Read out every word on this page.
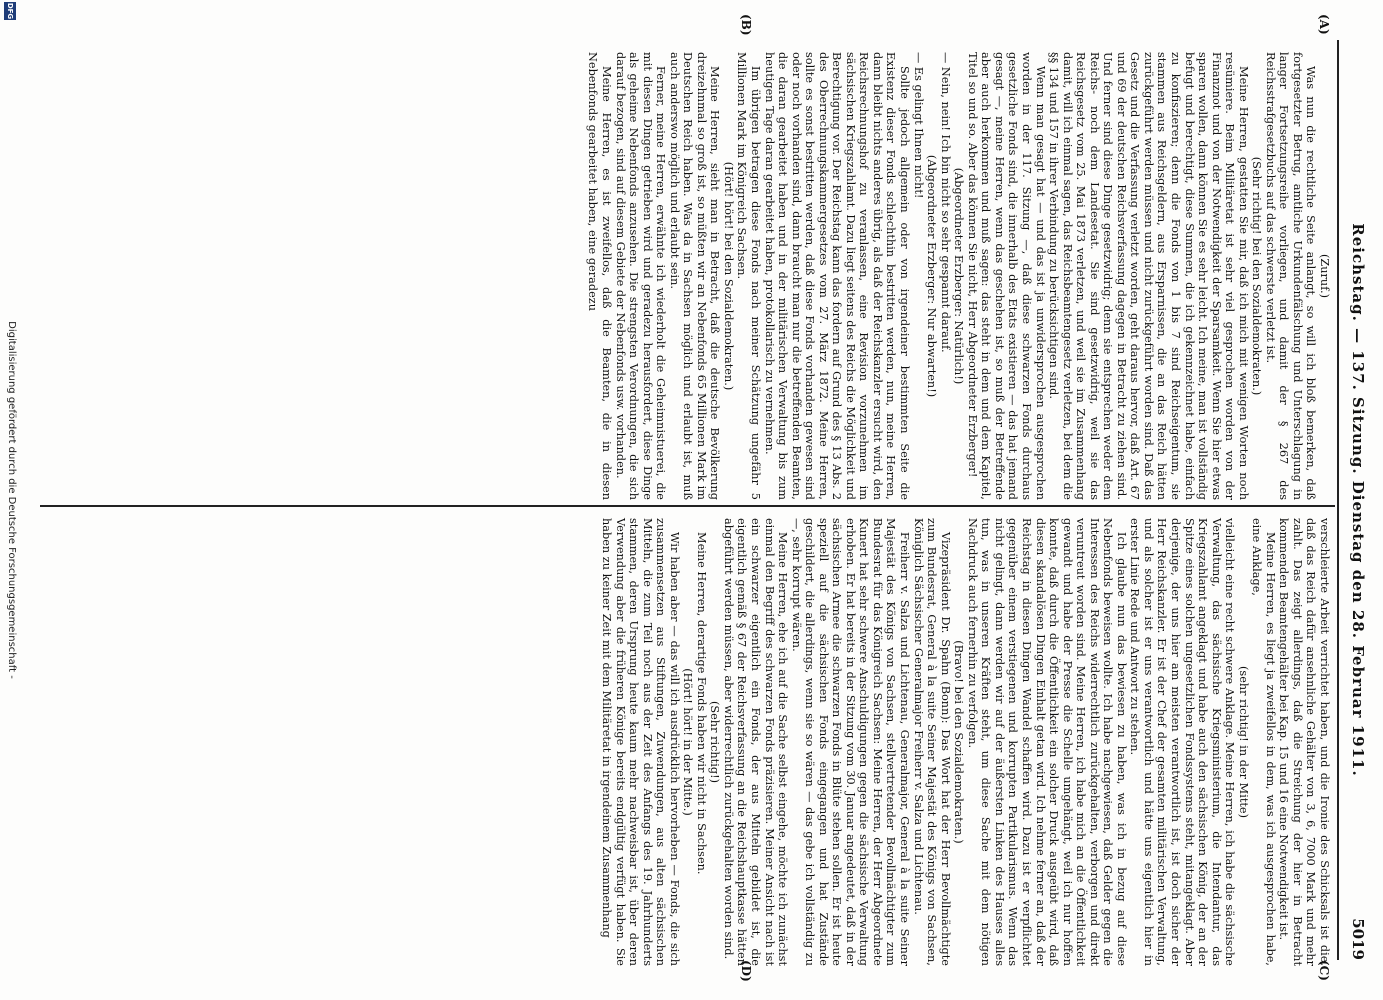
Reichstag. — 137. Sitzung. Dienstag den 28. Februar 1911.
5019
(A)
(B)
(C)
(D)

(Zuruf.)

Was nun die rechtliche Seite anlangt, so will ich bloß bemerken, daß fortgesetzter Betrug, amtliche Urkundenfälschung und Unterschlagung in langer Fortsetzungsreihe vorliegen, und damit der § 267 des Reichsstrafgesetzbuchs auf das schwerste verletzt ist.

(Sehr richtig! bei den Sozialdemokraten.)

Meine Herren, gestatten Sie mir, daß ich mich mit wenigen Worten noch resümiere. Beim Militäretat ist sehr viel gesprochen worden von der Finanznot und von der Notwendigkeit der Sparsamkeit. Wenn Sie hier etwas sparen wollen, dann können Sie es sehr leicht. Ich meine, man ist vollständig befugt und berechtigt, diese Summen, die ich gekennzeichnet habe, einfach zu konfiszieren; denn die Fonds von 1 bis 7 sind Reichseigentum, sie stammen aus Reichsgeldern, aus Ersparnissen, die an das Reich hätten zurückgeführt werden müssen und nicht zurückgeführt worden sind. Daß das Gesetz und die Verfassung verletzt worden, geht daraus hervor, daß Art. 67 und 69 der deutschen Reichsverfassung dagegen in Betracht zu ziehen sind. Und ferner sind diese Dinge gesetzwidrig; denn sie entsprechen weder dem Reichs- noch dem Landesetat. Sie sind gesetzwidrig, weil sie das Reichsgesetz vom 25. Mai 1873 verletzen, und weil sie im Zusammenhang damit, will ich einmal sagen, das Reichsbeamtengesetz verletzen, bei dem die §§ 134 und 157 in ihrer Verbindung zu berücksichtigen sind.

Wenn man gesagt hat — und das ist ja unwidersprochen ausgesprochen worden in der 117. Sitzung —, daß diese schwarzen Fonds durchaus gesetzliche Fonds sind, die innerhalb des Etats existieren — das hat jemand gesagt —, meine Herren, wenn das geschehen ist, so muß der Betreffende aber auch herkommen und muß sagen: das steht in dem und dem Kapitel, Titel so und so. Aber das können Sie nicht, Herr Abgeordneter Erzberger!

(Abgeordneter Erzberger: Natürlich!)

— Nein, nein! Ich bin nicht so sehr gespannt darauf.

(Abgeordneter Erzberger: Nur abwarten!)

— Es gelingt Ihnen nicht!

Sollte jedoch allgemein oder von irgendeiner bestimmten Seite die Existenz dieser Fonds schlechthin bestritten werden, nun, meine Herren, dann bleibt nichts anderes übrig, als daß der Reichskanzler ersucht wird, den Reichsrechnungshof zu veranlassen, eine Revision vorzunehmen im sächsischen Kriegszahlamt. Dazu liegt seitens des Reichs die Möglichkeit und Berechtigung vor. Der Reichstag kann das fordern auf Grund des § 13 Abs. 2 des Oberrechnungskammergesetzes vom 27. März 1872. Meine Herren, sollte es sonst bestritten werden, daß diese Fonds vorhanden gewesen sind oder noch vorhanden sind, dann braucht man nur die betreffenden Beamten, die daran gearbeitet haben und in der militärischen Verwaltung bis zum heutigen Tage daran gearbeitet haben, protokollarisch zu vernehmen.

Im übrigen betragen diese Fonds nach meiner Schätzung ungefähr 5 Millionen Mark im Königreich Sachsen.

(Hört! hört! bei den Sozialdemokraten.)

Meine Herren, sieht man in Betracht, daß die deutsche Bevölkerung dreizehnmal so groß ist, so müßten wir an Nebenfonds 65 Millionen Mark im Deutschen Reich haben. Was da in Sachsen möglich und erlaubt ist, muß auch anderswo möglich und erlaubt sein.

Ferner, meine Herren, erwähnte ich wiederholt die Geheimnistuerei, die mit diesen Dingen getrieben wird und geradezu herausfordert, diese Dinge als geheime Nebenfonds anzusehen. Die strengsten Verordnungen, die sich darauf bezogen, sind auf diesem Gebiete der Nebenfonds usw. vorhanden.

Meine Herren, es ist zweifellos, daß die Beamten, die in diesen Nebenfonds gearbeitet haben, eine geradezu

verschleierte Arbeit verrichtet haben, und die Ironie des Schicksals ist die, daß das Reich dafür ansehnliche Gehälter von 3, 6, 7000 Mark und mehr zahlt. Das zeigt allerdings, daß die Streichung der hier in Betracht kommenden Beamtengehälter bei Kap. 15 und 16 eine Notwendigkeit ist.

Meine Herren, es liegt ja zweifellos in dem, was ich ausgesprochen habe, eine Anklage,

(sehr richtig! in der Mitte)

vielleicht eine recht schwere Anklage. Meine Herren, ich habe die sächsische Verwaltung, das sächsische Kriegsministerium, die Intendantur, das Kriegszahlamt angeklagt und habe auch den sächsischen König, der an der Spitze eines solchen ungesetzlichen Fondssystems steht, mitangeklagt. Aber derjenige, der uns hier am meisten verantwortlich ist, ist doch sicher der Herr Reichskanzler. Er ist der Chef der gesamten militärischen Verwaltung, und als solcher ist er uns verantwortlich und hätte uns eigentlich hier in erster Linie Rede und Antwort zu stehen.

Ich glaube nun das bewiesen zu haben, was ich in bezug auf diese Nebenfonds beweisen wollte. Ich habe nachgewiesen, daß Gelder gegen die Interessen des Reichs widerrechtlich zurückgehalten, verborgen und direkt veruntreut worden sind. Meine Herren, ich habe mich an die Öffentlichkeit gewandt und habe der Presse die Schelle umgehängt, weil ich nur hoffen konnte, daß durch die Öffentlichkeit ein solcher Druck ausgeübt wird, daß diesen skandalösen Dingen Einhalt getan wird. Ich nehme ferner an, daß der Reichstag in diesen Dingen Wandel schaffen wird. Dazu ist er verpflichtet gegenüber einem verstiegenen und korrupten Partikularismus. Wenn das nicht gelingt, dann werden wir auf der äußersten Linken des Hauses alles tun, was in unseren Kräften steht, um diese Sache mit dem nötigen Nachdruck auch fernerhin zu verfolgen.

(Bravo! bei den Sozialdemokraten.)

Vizepräsident Dr. Spahn (Bonn): Das Wort hat der Herr Bevollmächtigte zum Bundesrat, General à la suite Seiner Majestät des Königs von Sachsen, Königlich Sächsischer Generalmajor Freiherr v. Salza und Lichtenau.

Freiherr v. Salza und Lichtenau, Generalmajor, General à la suite Seiner Majestät des Königs von Sachsen, stellvertretender Bevollmächtigter zum Bundesrat für das Königreich Sachsen: Meine Herren, der Herr Abgeordnete Kunert hat sehr schwere Anschuldigungen gegen die sächsische Verwaltung erhoben. Er hat bereits in der Sitzung vom 30. Januar angedeutet, daß in der sächsischen Armee die schwarzen Fonds in Blüte stehen sollen. Er ist heute speziell auf die sächsischen Fonds eingegangen und hat Zustände geschildert, die allerdings, wenn sie so wären — das gebe ich vollständig zu —, sehr korrupt wären.

Meine Herren, ehe ich auf die Sache selbst eingehe, möchte ich zunächst einmal den Begriff des schwarzen Fonds präzisieren. Meiner Ansicht nach ist ein schwarzer eigentlich ein Fonds, der aus Mitteln gebildet ist, die eigentlich gemäß § 67 der Reichsverfassung an die Reichshauptkasse hätten abgeführt werden müssen, aber widerrechtlich zurückgehalten worden sind.

(Sehr richtig!)

Meine Herren, derartige Fonds haben wir nicht in Sachsen.

(Hört! hört! in der Mitte.)

Wir haben aber — das will ich ausdrücklich hervorheben — Fonds, die sich zusammensetzen aus Stiftungen, Zuwendungen, aus alten sächsischen Mitteln, die zum Teil noch aus der Zeit des Anfangs des 19. Jahrhunderts stammen, deren Ursprung heute kaum mehr nachweisbar ist, über deren Verwendung aber die früheren Könige bereits endgültig verfügt haben. Sie haben zu keiner Zeit mit dem Militäretat in irgendeinem Zusammenhang

Digitalisierung gefördert durch die Deutsche Forschungsgemeinschaft -
DFG
